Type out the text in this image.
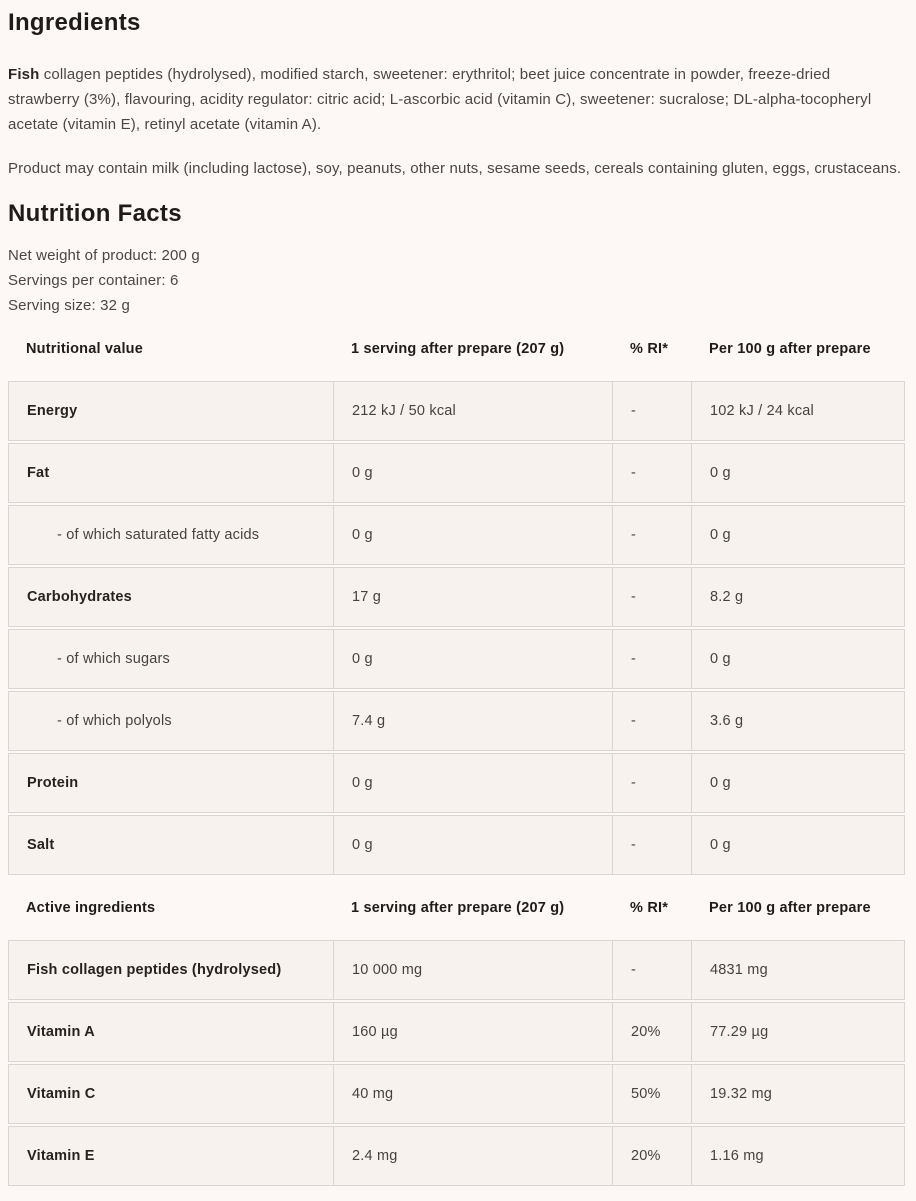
Ingredients

Fish collagen peptides (hydrolysed), modified starch, sweetener: erythritol; beet juice concentrate in powder, freeze-dried strawberry (3%), flavouring, acidity regulator: citric acid; L-ascorbic acid (vitamin C), sweetener: sucralose; DL-alpha-tocopheryl acetate (vitamin E), retinyl acetate (vitamin A).

Product may contain milk (including lactose), soy, peanuts, other nuts, sesame seeds, cereals containing gluten, eggs, crustaceans.

Nutrition Facts
Net weight of product: 200 g
Servings per container: 6
Serving size: 32 g
Nutritional value	1 serving after prepare (207 g)	% RI*	Per 100 g after prepare
Energy	212 kJ / 50 kcal	-	102 kJ / 24 kcal
Fat	0 g	-	0 g
- of which saturated fatty acids	0 g	-	0 g
Carbohydrates	17 g	-	8.2 g
- of which sugars	0 g	-	0 g
- of which polyols	7.4 g	-	3.6 g
Protein	0 g	-	0 g
Salt	0 g	-	0 g
Active ingredients	1 serving after prepare (207 g)	% RI*	Per 100 g after prepare
Fish collagen peptides (hydrolysed)	10 000 mg	-	4831 mg
Vitamin A	160 µg	20%	77.29 µg
Vitamin C	40 mg	50%	19.32 mg
Vitamin E	2.4 mg	20%	1.16 mg
